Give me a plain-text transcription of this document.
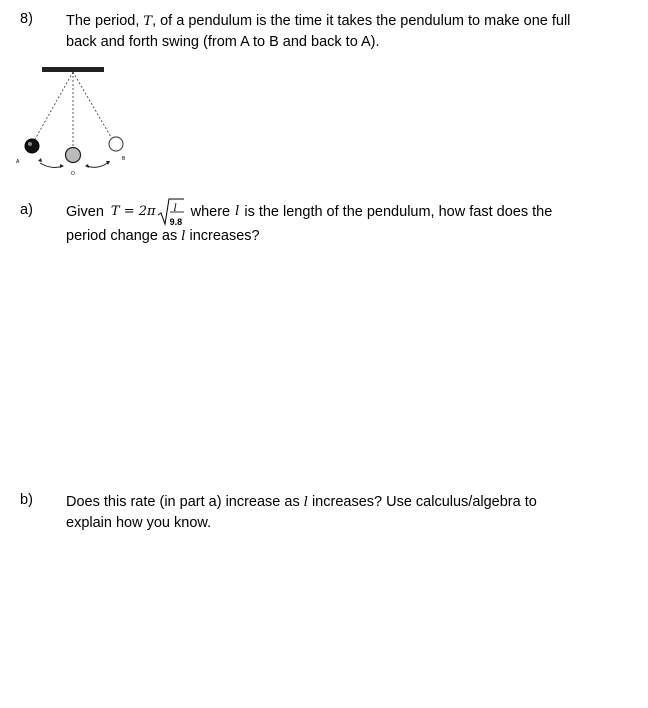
8) The period, T, of a pendulum is the time it takes the pendulum to make one full
back and forth swing (from A to B and back to A).
A
O
B
a) Given T = 2π l
9.8
where l is the length of the pendulum, how fast does the
period change as l increases?
b) Does this rate (in part a) increase as l increases? Use calculus/algebra to
explain how you know.
